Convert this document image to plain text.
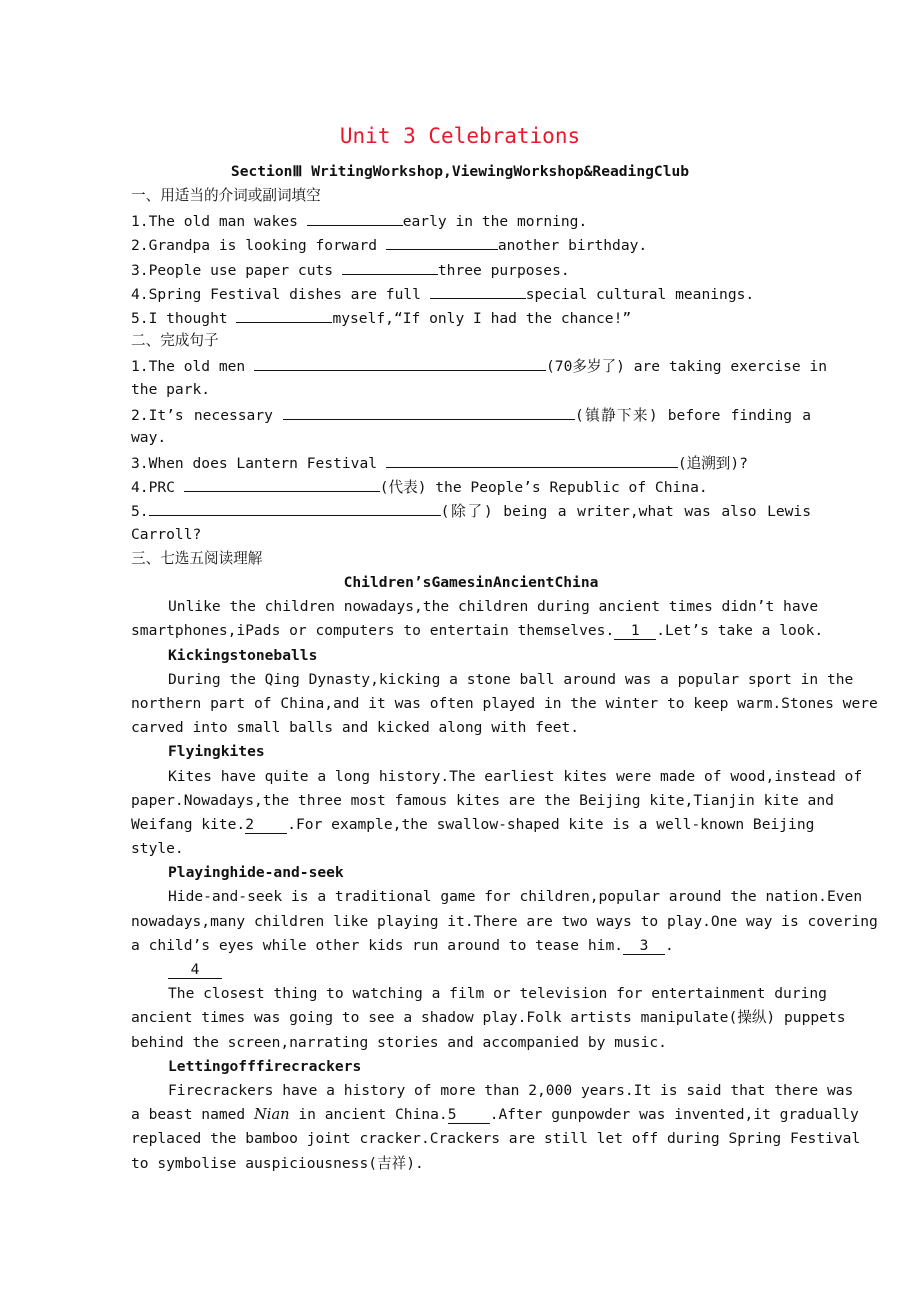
Unit 3 Celebrations
SectionⅢ WritingWorkshop,ViewingWorkshop&ReadingClub
一、用适当的介词或副词填空
1.The old man wakes	early in the morning.
2.Grandpa is looking forward	another birthday.
3.People use paper cuts	three purposes.
4.Spring Festival dishes are full	special cultural meanings.
5.I thought	myself,“If only I had the chance!”
二、完成句子
1.The old men	(70多岁了) are taking exercise in
the park.
2.It’s necessary	(镇静下来) before finding a
way.
3.When does Lantern Festival	(追溯到)?
4.PRC	(代表) the People’s Republic of China.
5.	(除了) being a writer,what was also Lewis
Carroll?
三、七选五阅读理解
Children’sGamesinAncientChina
Unlike the children nowadays,the children during ancient times didn’t have
smartphones,iPads or computers to entertain themselves. 1 .Let’s take a look.
Kickingstoneballs
During the Qing Dynasty,kicking a stone ball around was a popular sport in the
northern part of China,and it was often played in the winter to keep warm.Stones were
carved into small balls and kicked along with feet.
Flyingkites
Kites have quite a long history.The earliest kites were made of wood,instead of
paper.Nowadays,the three most famous kites are the Beijing kite,Tianjin kite and
Weifang kite.2 .For example,the swallow-shaped kite is a well-known Beijing
style.
Playinghide-and-seek
Hide-and-seek is a traditional game for children,popular around the nation.Even
nowadays,many children like playing it.There are two ways to play.One way is covering
a child’s eyes while other kids run around to tease him. 3 .
4
The closest thing to watching a film or television for entertainment during
ancient times was going to see a shadow play.Folk artists manipulate(操纵) puppets
behind the screen,narrating stories and accompanied by music.
Lettingofffirecrackers
Firecrackers have a history of more than 2,000 years.It is said that there was
a beast named Nian in ancient China.5 .After gunpowder was invented,it gradually
replaced the bamboo joint cracker.Crackers are still let off during Spring Festival
to symbolise auspiciousness(吉祥).
